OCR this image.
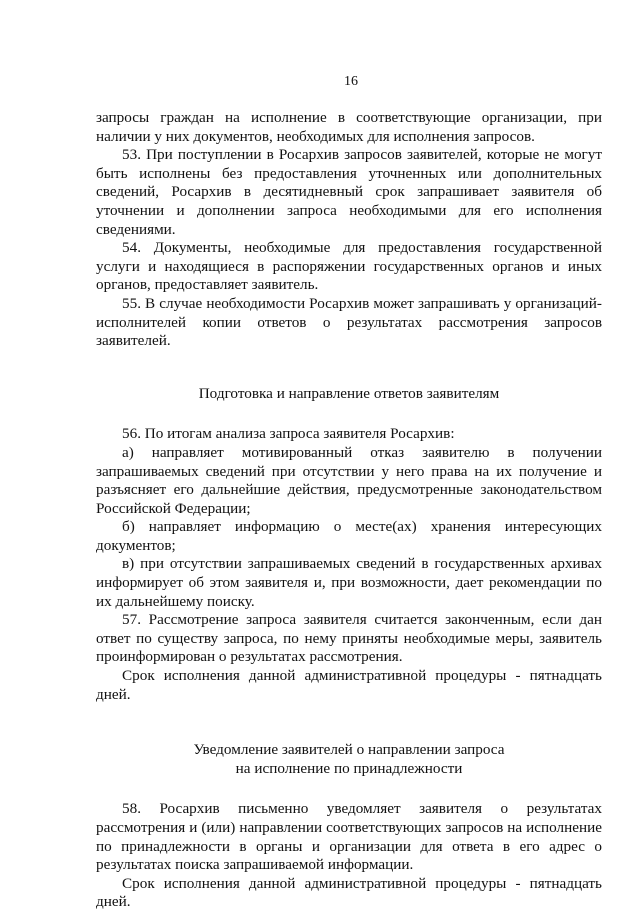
16

запросы граждан на исполнение в соответствующие организации, при наличии у них документов, необходимых для исполнения запросов.

53. При поступлении в Росархив запросов заявителей, которые не могут быть исполнены без предоставления уточненных или дополнительных сведений, Росархив в десятидневный срок запрашивает заявителя об уточнении и дополнении запроса необходимыми для его исполнения сведениями.

54. Документы, необходимые для предоставления государственной услуги и находящиеся в распоряжении государственных органов и иных органов, предоставляет заявитель.

55. В случае необходимости Росархив может запрашивать у организаций-исполнителей копии ответов о результатах рассмотрения запросов заявителей.

Подготовка и направление ответов заявителям

56. По итогам анализа запроса заявителя Росархив:

а) направляет мотивированный отказ заявителю в получении запрашиваемых сведений при отсутствии у него права на их получение и разъясняет его дальнейшие действия, предусмотренные законодательством Российской Федерации;

б) направляет информацию о месте(ах) хранения интересующих документов;

в) при отсутствии запрашиваемых сведений в государственных архивах информирует об этом заявителя и, при возможности, дает рекомендации по их дальнейшему поиску.

57. Рассмотрение запроса заявителя считается законченным, если дан ответ по существу запроса, по нему приняты необходимые меры, заявитель проинформирован о результатах рассмотрения.

Срок исполнения данной административной процедуры - пятнадцать дней.

Уведомление заявителей о направлении запроса
на исполнение по принадлежности

58. Росархив письменно уведомляет заявителя о результатах рассмотрения и (или) направлении соответствующих запросов на исполнение по принадлежности в органы и организации для ответа в его адрес о результатах поиска запрашиваемой информации.

Срок исполнения данной административной процедуры - пятнадцать дней.
